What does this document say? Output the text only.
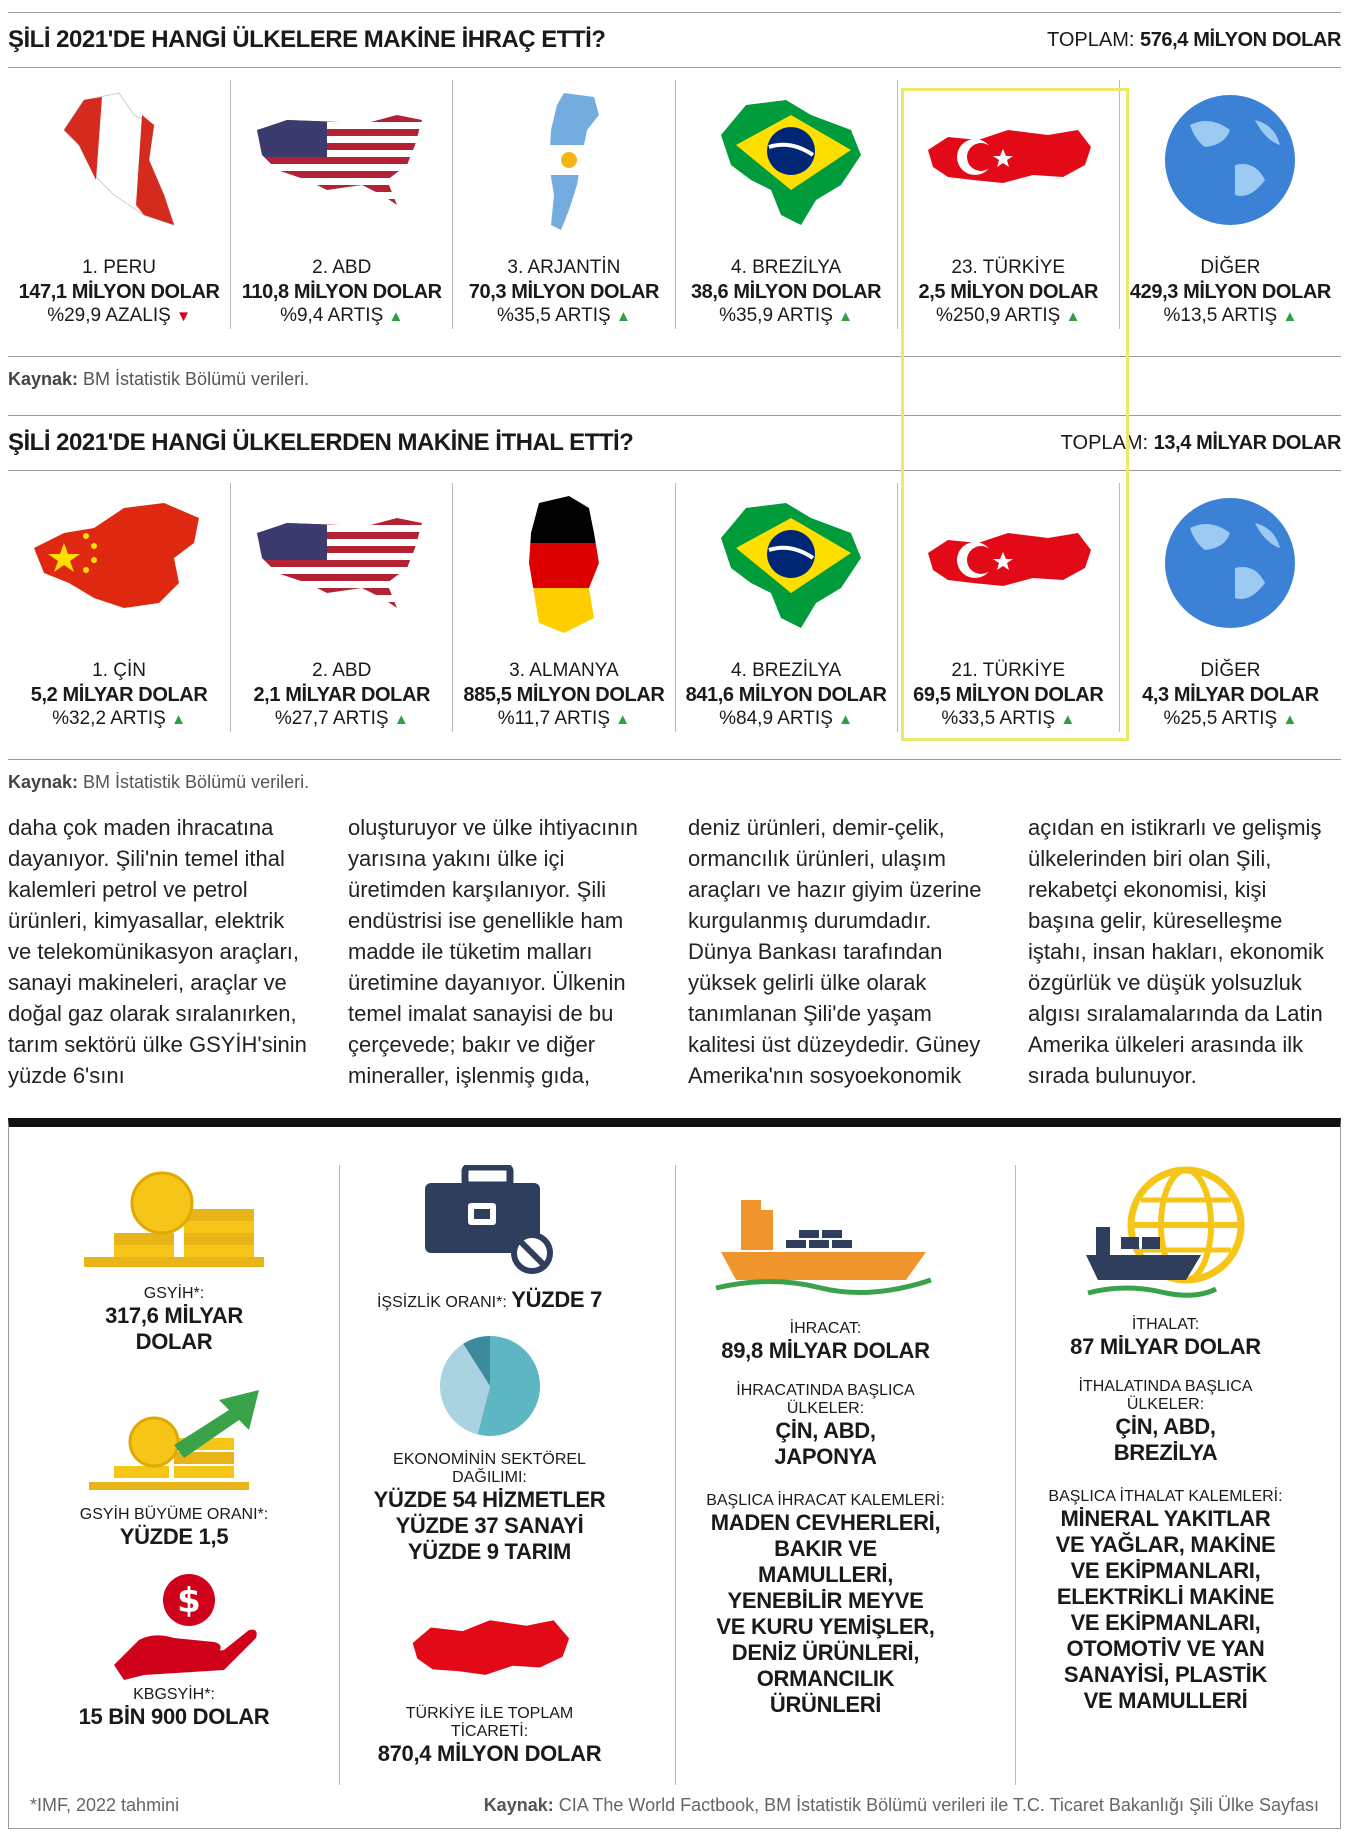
ŞİLİ 2021'DE HANGİ ÜLKELERE MAKİNE İHRAÇ ETTİ?	TOPLAM: 576,4 MİLYON DOLAR
1. PERU
147,1 MİLYON DOLAR
%29,9 AZALIŞ ▼
2. ABD
110,8 MİLYON DOLAR
%9,4 ARTIŞ ▲
3. ARJANTİN
70,3 MİLYON DOLAR
%35,5 ARTIŞ ▲
4. BREZİLYA
38,6 MİLYON DOLAR
%35,9 ARTIŞ ▲
23. TÜRKİYE
2,5 MİLYON DOLAR
%250,9 ARTIŞ ▲
DİĞER
429,3 MİLYON DOLAR
%13,5 ARTIŞ ▲
Kaynak: BM İstatistik Bölümü verileri.
ŞİLİ 2021'DE HANGİ ÜLKELERDEN MAKİNE İTHAL ETTİ?	TOPLAM: 13,4 MİLYAR DOLAR
1. ÇİN
5,2 MİLYAR DOLAR
%32,2 ARTIŞ ▲
2. ABD
2,1 MİLYAR DOLAR
%27,7 ARTIŞ ▲
3. ALMANYA
885,5 MİLYON DOLAR
%11,7 ARTIŞ ▲
4. BREZİLYA
841,6 MİLYON DOLAR
%84,9 ARTIŞ ▲
21. TÜRKİYE
69,5 MİLYON DOLAR
%33,5 ARTIŞ ▲
DİĞER
4,3 MİLYAR DOLAR
%25,5 ARTIŞ ▲
Kaynak: BM İstatistik Bölümü verileri.

daha çok maden ihracatına dayanıyor. Şili'nin temel ithal kalemleri petrol ve petrol ürünleri, kimyasallar, elektrik ve telekomünikasyon araçları, sanayi makineleri, araçlar ve doğal gaz olarak sıralanırken, tarım sektörü ülke GSYİH'sinin yüzde 6'sını

oluşturuyor ve ülke ihtiyacının yarısına yakını ülke içi üretimden karşılanıyor. Şili endüstrisi ise genellikle ham madde ile tüketim malları üretimine dayanıyor. Ülkenin temel imalat sanayisi de bu çerçevede; bakır ve diğer mineraller, işlenmiş gıda,

deniz ürünleri, demir-çelik, ormancılık ürünleri, ulaşım araçları ve hazır giyim üzerine kurgulanmış durumdadır. Dünya Bankası tarafından yüksek gelirli ülke olarak tanımlanan Şili'de yaşam kalitesi üst düzeydedir. Güney Amerika'nın sosyoekonomik

açıdan en istikrarlı ve gelişmiş ülkelerinden biri olan Şili, rekabetçi ekonomisi, kişi başına gelir, küreselleşme iştahı, insan hakları, ekonomik özgürlük ve düşük yolsuzluk algısı sıralamalarında da Latin Amerika ülkeleri arasında ilk sırada bulunuyor.

GSYİH*:
317,6 MİLYAR DOLAR
GSYİH BÜYÜME ORANI*:
YÜZDE 1,5
$
KBGSYİH*:
15 BİN 900 DOLAR
İŞSİZLİK ORANI*: YÜZDE 7
EKONOMİNİN SEKTÖREL DAĞILIMI:
YÜZDE 54 HİZMETLER
YÜZDE 37 SANAYİ
YÜZDE 9 TARIM
TÜRKİYE İLE TOPLAM TİCARETİ:
870,4 MİLYON DOLAR
İHRACAT:
89,8 MİLYAR DOLAR
İHRACATINDA BAŞLICA ÜLKELER:
ÇİN, ABD, JAPONYA
BAŞLICA İHRACAT KALEMLERİ:
MADEN CEVHERLERİ, BAKIR VE MAMULLERİ, YENEBİLİR MEYVE VE KURU YEMİŞLER, DENİZ ÜRÜNLERİ, ORMANCILIK ÜRÜNLERİ
İTHALAT:
87 MİLYAR DOLAR
İTHALATINDA BAŞLICA ÜLKELER:
ÇİN, ABD, BREZİLYA
BAŞLICA İTHALAT KALEMLERİ:
MİNERAL YAKITLAR VE YAĞLAR, MAKİNE VE EKİPMANLARI, ELEKTRİKLİ MAKİNE VE EKİPMANLARI, OTOMOTİV VE YAN SANAYİSİ, PLASTİK VE MAMULLERİ
*IMF, 2022 tahmini	Kaynak: CIA The World Factbook, BM İstatistik Bölümü verileri ile T.C. Ticaret Bakanlığı Şili Ülke Sayfası
